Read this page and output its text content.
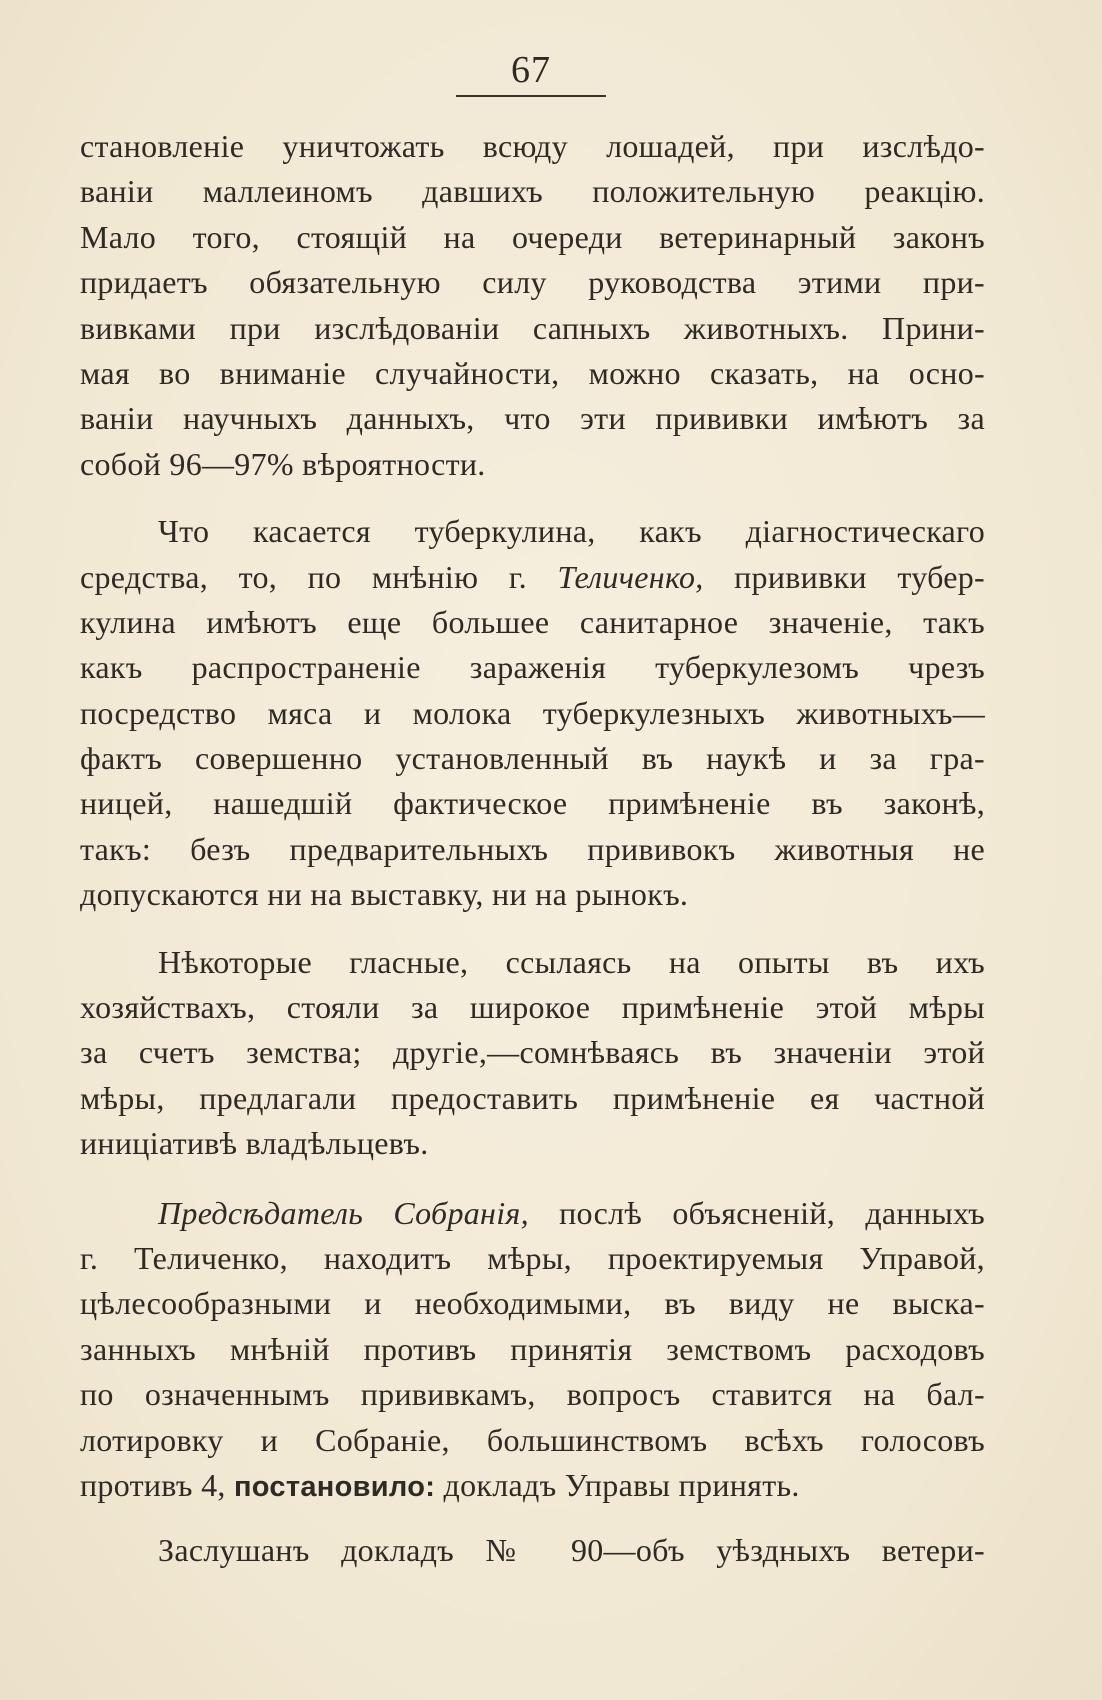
67
становленіе уничтожать всюду лошадей, при изслѣдо-
ваніи маллеиномъ давшихъ положительную реакцію.
Мало того, стоящій на очереди ветеринарный законъ
придаетъ обязательную силу руководства этими при-
вивками при изслѣдованіи сапныхъ животныхъ. Прини-
мая во вниманіе случайности, можно сказать, на осно-
ваніи научныхъ данныхъ, что эти прививки имѣютъ за
собой 96—97% вѣроятности.
Что касается туберкулина, какъ діагностическаго
средства, то, по мнѣнію г. Теличенко, прививки тубер-
кулина имѣютъ еще большее санитарное значеніе, такъ
какъ распространеніе зараженія туберкулезомъ чрезъ
посредство мяса и молока туберкулезныхъ животныхъ—
фактъ совершенно установленный въ наукѣ и за гра-
ницей, нашедшій фактическое примѣненіе въ законѣ,
такъ: безъ предварительныхъ прививокъ животныя не
допускаются ни на выставку, ни на рынокъ.
Нѣкоторые гласные, ссылаясь на опыты въ ихъ
хозяйствахъ, стояли за широкое примѣненіе этой мѣры
за счетъ земства; другіе,—сомнѣваясь въ значеніи этой
мѣры, предлагали предоставить примѣненіе ея частной
иниціативѣ владѣльцевъ.
Предсѣдатель Собранія, послѣ объясненій, данныхъ
г. Теличенко, находитъ мѣры, проектируемыя Управой,
цѣлесообразными и необходимыми, въ виду не выска-
занныхъ мнѣній противъ принятія земствомъ расходовъ
по означеннымъ прививкамъ, вопросъ ставится на бал-
лотировку и Собраніе, большинствомъ всѣхъ голосовъ
противъ 4, постановило: докладъ Управы принять.
Заслушанъ докладъ № 90—объ уѣздныхъ ветери-
